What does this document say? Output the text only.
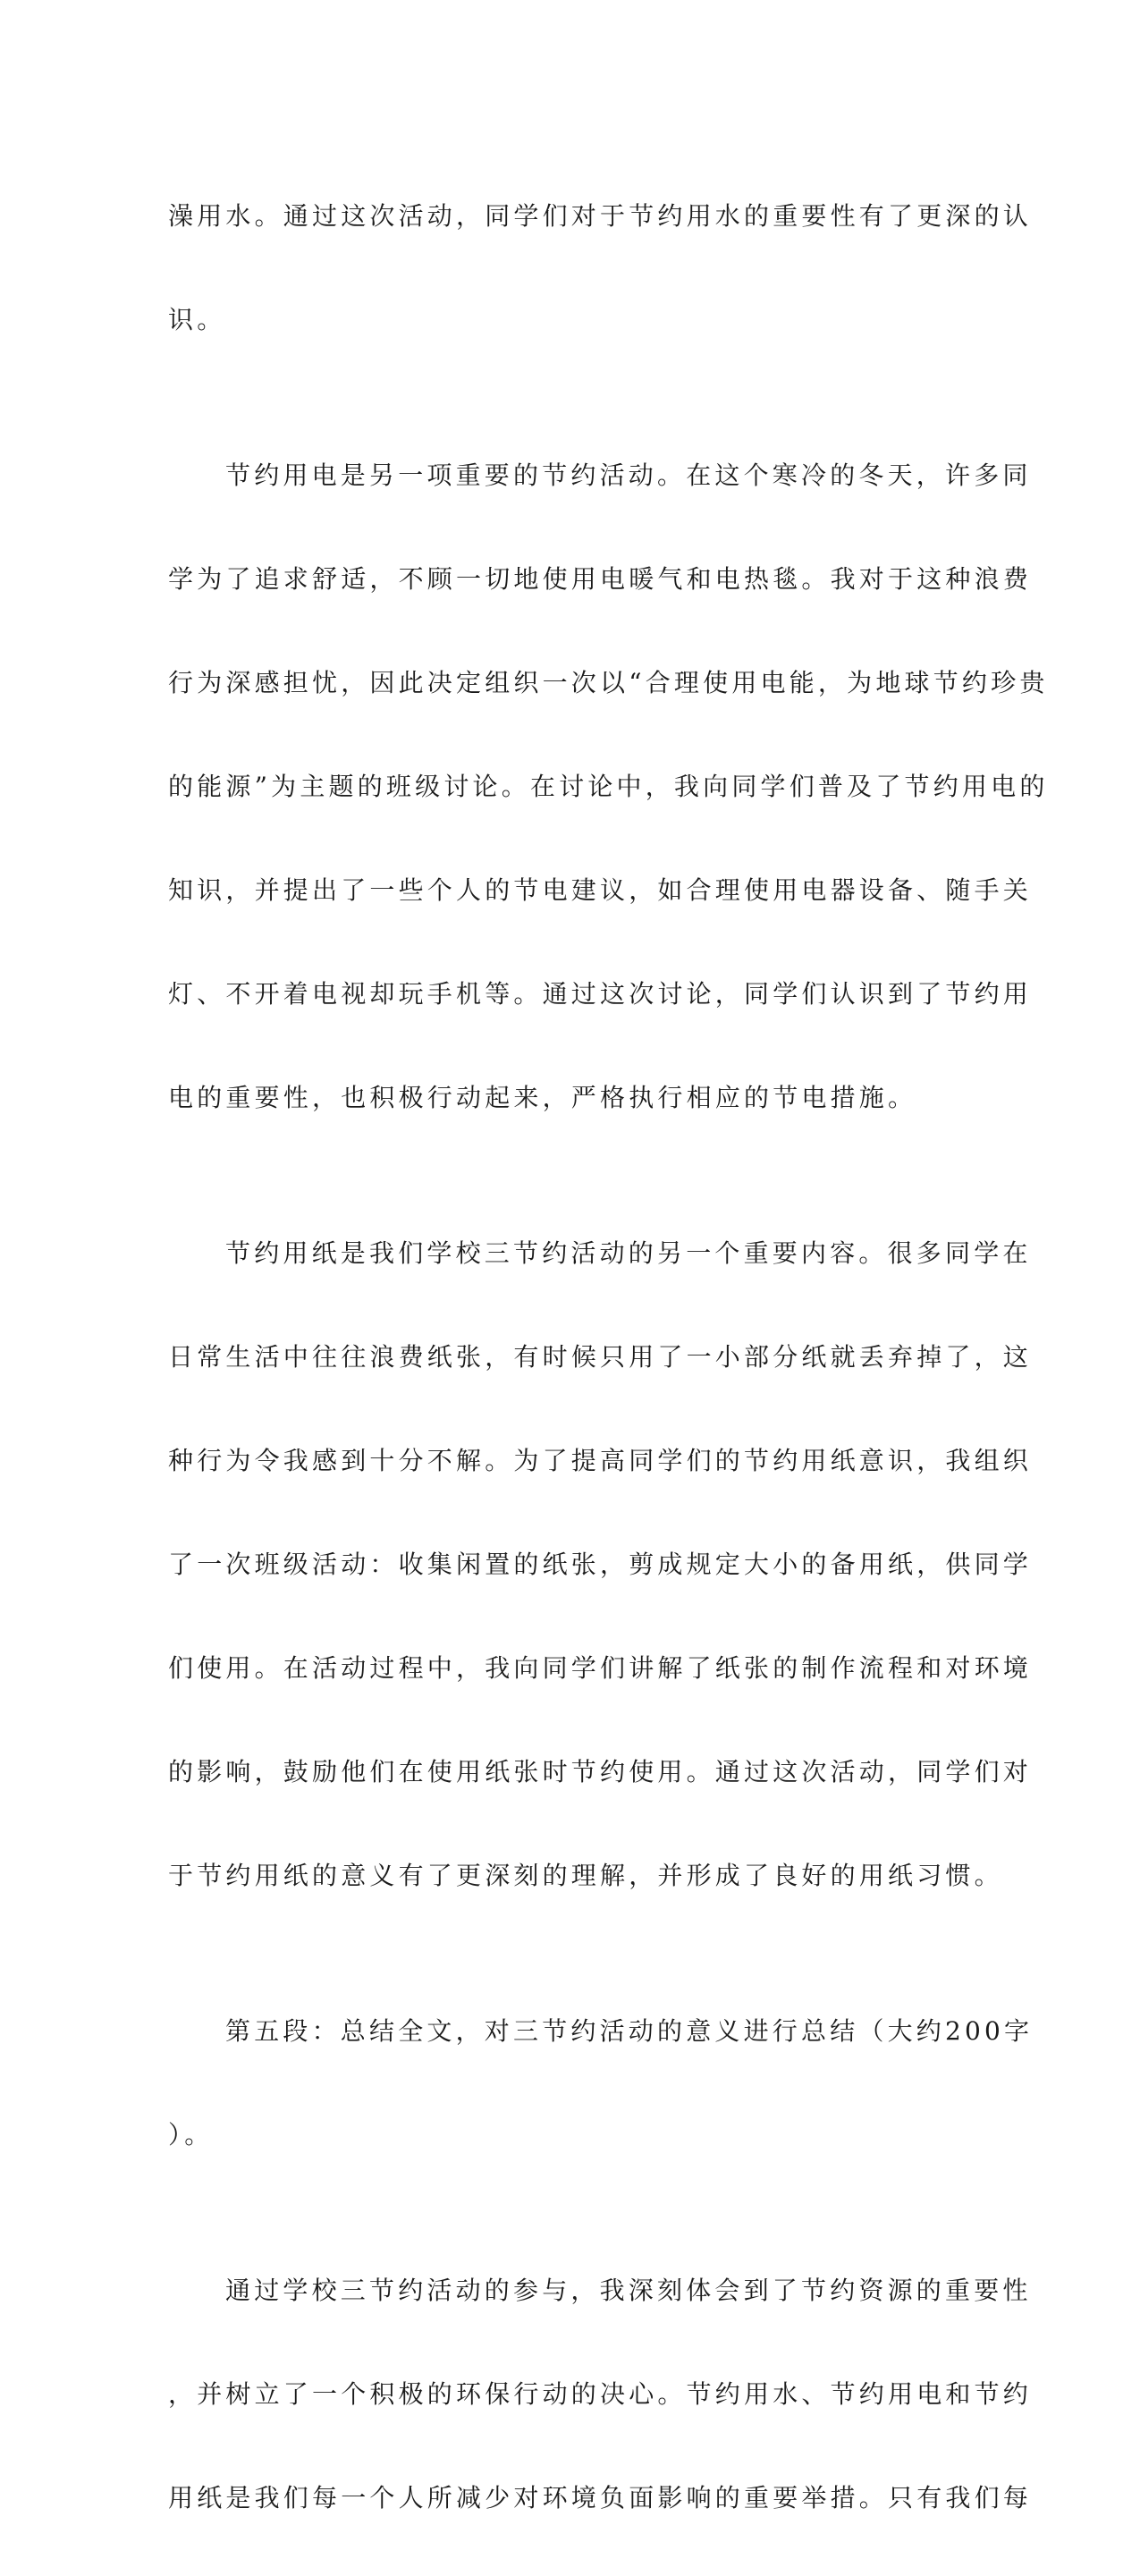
澡用水。通过这次活动，同学们对于节约用水的重要性有了更深的认

识。

节约用电是另一项重要的节约活动。在这个寒冷的冬天，许多同

学为了追求舒适，不顾一切地使用电暖气和电热毯。我对于这种浪费

行为深感担忧，因此决定组织一次以“合理使用电能，为地球节约珍贵

的能源”为主题的班级讨论。在讨论中，我向同学们普及了节约用电的

知识，并提出了一些个人的节电建议，如合理使用电器设备、随手关

灯、不开着电视却玩手机等。通过这次讨论，同学们认识到了节约用

电的重要性，也积极行动起来，严格执行相应的节电措施。

节约用纸是我们学校三节约活动的另一个重要内容。很多同学在

日常生活中往往浪费纸张，有时候只用了一小部分纸就丢弃掉了，这

种行为令我感到十分不解。为了提高同学们的节约用纸意识，我组织

了一次班级活动：收集闲置的纸张，剪成规定大小的备用纸，供同学

们使用。在活动过程中，我向同学们讲解了纸张的制作流程和对环境

的影响，鼓励他们在使用纸张时节约使用。通过这次活动，同学们对

于节约用纸的意义有了更深刻的理解，并形成了良好的用纸习惯。

第五段：总结全文，对三节约活动的意义进行总结（大约200字

）。

通过学校三节约活动的参与，我深刻体会到了节约资源的重要性

，并树立了一个积极的环保行动的决心。节约用水、节约用电和节约

用纸是我们每一个人所减少对环境负面影响的重要举措。只有我们每
